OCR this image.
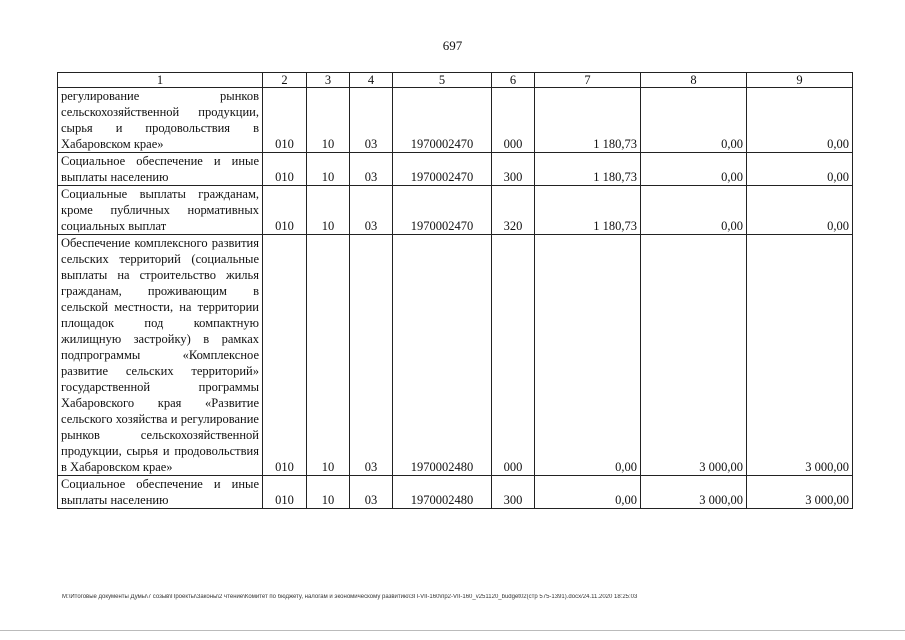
697
1	2	3	4	5	6	7	8	9
регулирование рынков сельскохозяйственной продукции, сырья и продовольствия в Хабаровском крае»	010	10	03	1970002470	000	1 180,73	0,00	0,00
Социальное обеспечение и иные выплаты населению	010	10	03	1970002470	300	1 180,73	0,00	0,00
Социальные выплаты гражданам, кроме публичных нормативных социальных выплат	010	10	03	1970002470	320	1 180,73	0,00	0,00
Обеспечение комплексного развития сельских территорий (социальные выплаты на строительство жилья гражданам, проживающим в сельской местности, на территории площадок под компактную жилищную застройку) в рамках подпрограммы «Комплексное развитие сельских территорий» государственной программы Хабаровского края «Развитие сельского хозяйства и регулирование рынков сельскохозяйственной продукции, сырья и продовольствия в Хабаровском крае»	010	10	03	1970002480	000	0,00	3 000,00	3 000,00
Социальное обеспечение и иные выплаты населению	010	10	03	1970002480	300	0,00	3 000,00	3 000,00
M:\Итоговые документы Думы\7 созыв\Проекты\Законы\2 чтение\Комитет по бюджету, налогам и экономическому развитию\ЗП-VII-160\пр2-VII-160_v251120_budget02(стр 575-1391).docx/24.11.2020 18:25:03
